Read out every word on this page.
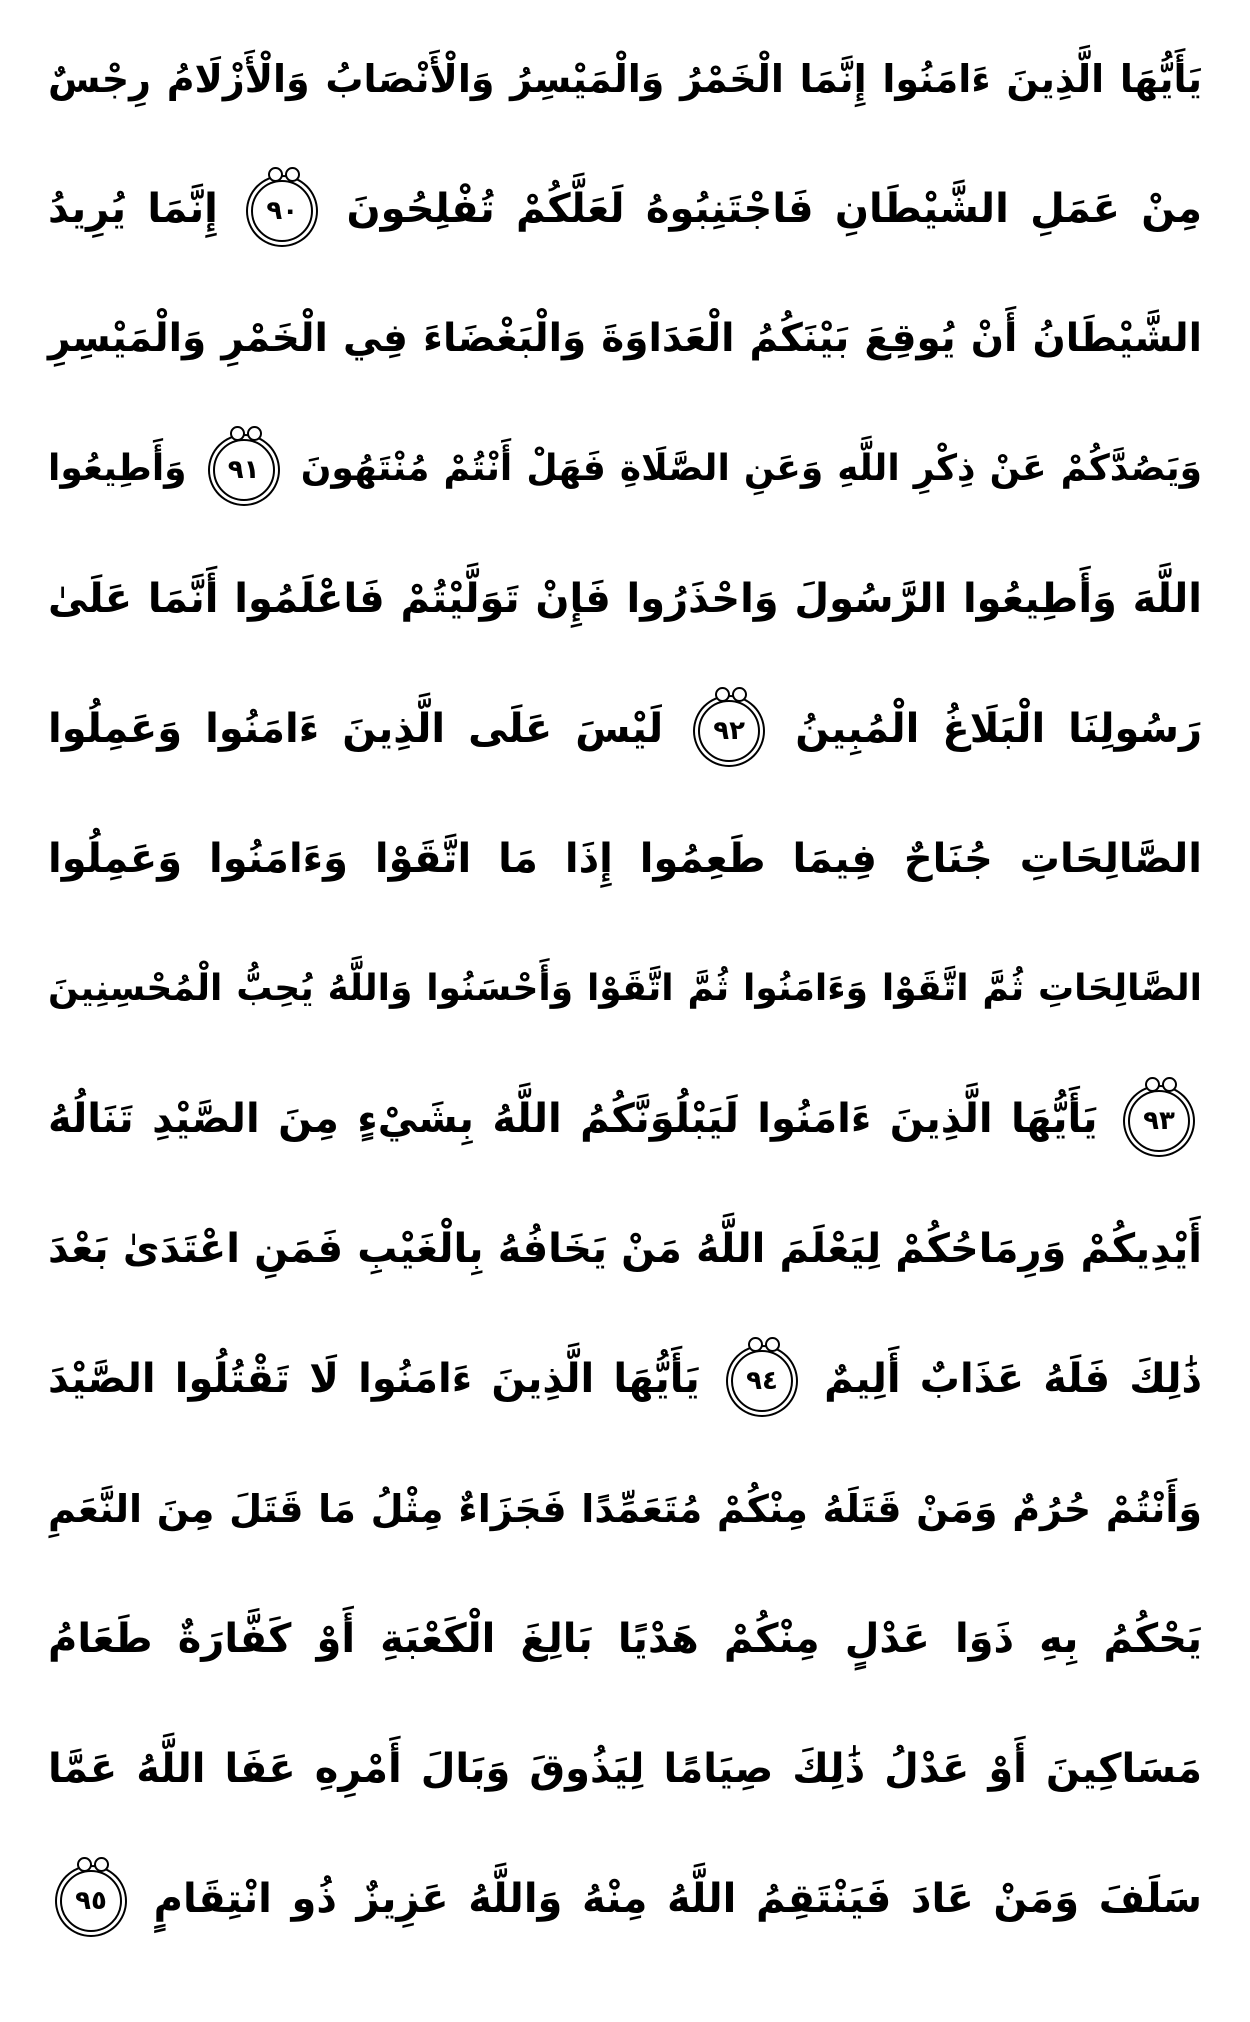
يَأَيُّهَا الَّذِينَ ءَامَنُوا إِنَّمَا الْخَمْرُ وَالْمَيْسِرُ وَالْأَنْصَابُ وَالْأَزْلَامُ رِجْسٌ
مِنْ عَمَلِ الشَّيْطَانِ فَاجْتَنِبُوهُ لَعَلَّكُمْ تُفْلِحُونَ
٩٠
إِنَّمَا يُرِيدُ
الشَّيْطَانُ أَنْ يُوقِعَ بَيْنَكُمُ الْعَدَاوَةَ وَالْبَغْضَاءَ فِي الْخَمْرِ وَالْمَيْسِرِ
وَيَصُدَّكُمْ عَنْ ذِكْرِ اللَّهِ وَعَنِ الصَّلَاةِ فَهَلْ أَنْتُمْ مُنْتَهُونَ
٩١
وَأَطِيعُوا
اللَّهَ وَأَطِيعُوا الرَّسُولَ وَاحْذَرُوا فَإِنْ تَوَلَّيْتُمْ فَاعْلَمُوا أَنَّمَا عَلَىٰ
رَسُولِنَا الْبَلَاغُ الْمُبِينُ
٩٢
لَيْسَ عَلَى الَّذِينَ ءَامَنُوا وَعَمِلُوا
الصَّالِحَاتِ جُنَاحٌ فِيمَا طَعِمُوا إِذَا مَا اتَّقَوْا وَءَامَنُوا وَعَمِلُوا
الصَّالِحَاتِ ثُمَّ اتَّقَوْا وَءَامَنُوا ثُمَّ اتَّقَوْا وَأَحْسَنُوا وَاللَّهُ يُحِبُّ الْمُحْسِنِينَ
٩٣
يَأَيُّهَا الَّذِينَ ءَامَنُوا لَيَبْلُوَنَّكُمُ اللَّهُ بِشَيْءٍ مِنَ الصَّيْدِ تَنَالُهُ
أَيْدِيكُمْ وَرِمَاحُكُمْ لِيَعْلَمَ اللَّهُ مَنْ يَخَافُهُ بِالْغَيْبِ فَمَنِ اعْتَدَىٰ بَعْدَ
ذَٰلِكَ فَلَهُ عَذَابٌ أَلِيمٌ
٩٤
يَأَيُّهَا الَّذِينَ ءَامَنُوا لَا تَقْتُلُوا الصَّيْدَ
وَأَنْتُمْ حُرُمٌ وَمَنْ قَتَلَهُ مِنْكُمْ مُتَعَمِّدًا فَجَزَاءٌ مِثْلُ مَا قَتَلَ مِنَ النَّعَمِ
يَحْكُمُ بِهِ ذَوَا عَدْلٍ مِنْكُمْ هَدْيًا بَالِغَ الْكَعْبَةِ أَوْ كَفَّارَةٌ طَعَامُ
مَسَاكِينَ أَوْ عَدْلُ ذَٰلِكَ صِيَامًا لِيَذُوقَ وَبَالَ أَمْرِهِ عَفَا اللَّهُ عَمَّا
سَلَفَ وَمَنْ عَادَ فَيَنْتَقِمُ اللَّهُ مِنْهُ وَاللَّهُ عَزِيزٌ ذُو انْتِقَامٍ
٩٥
